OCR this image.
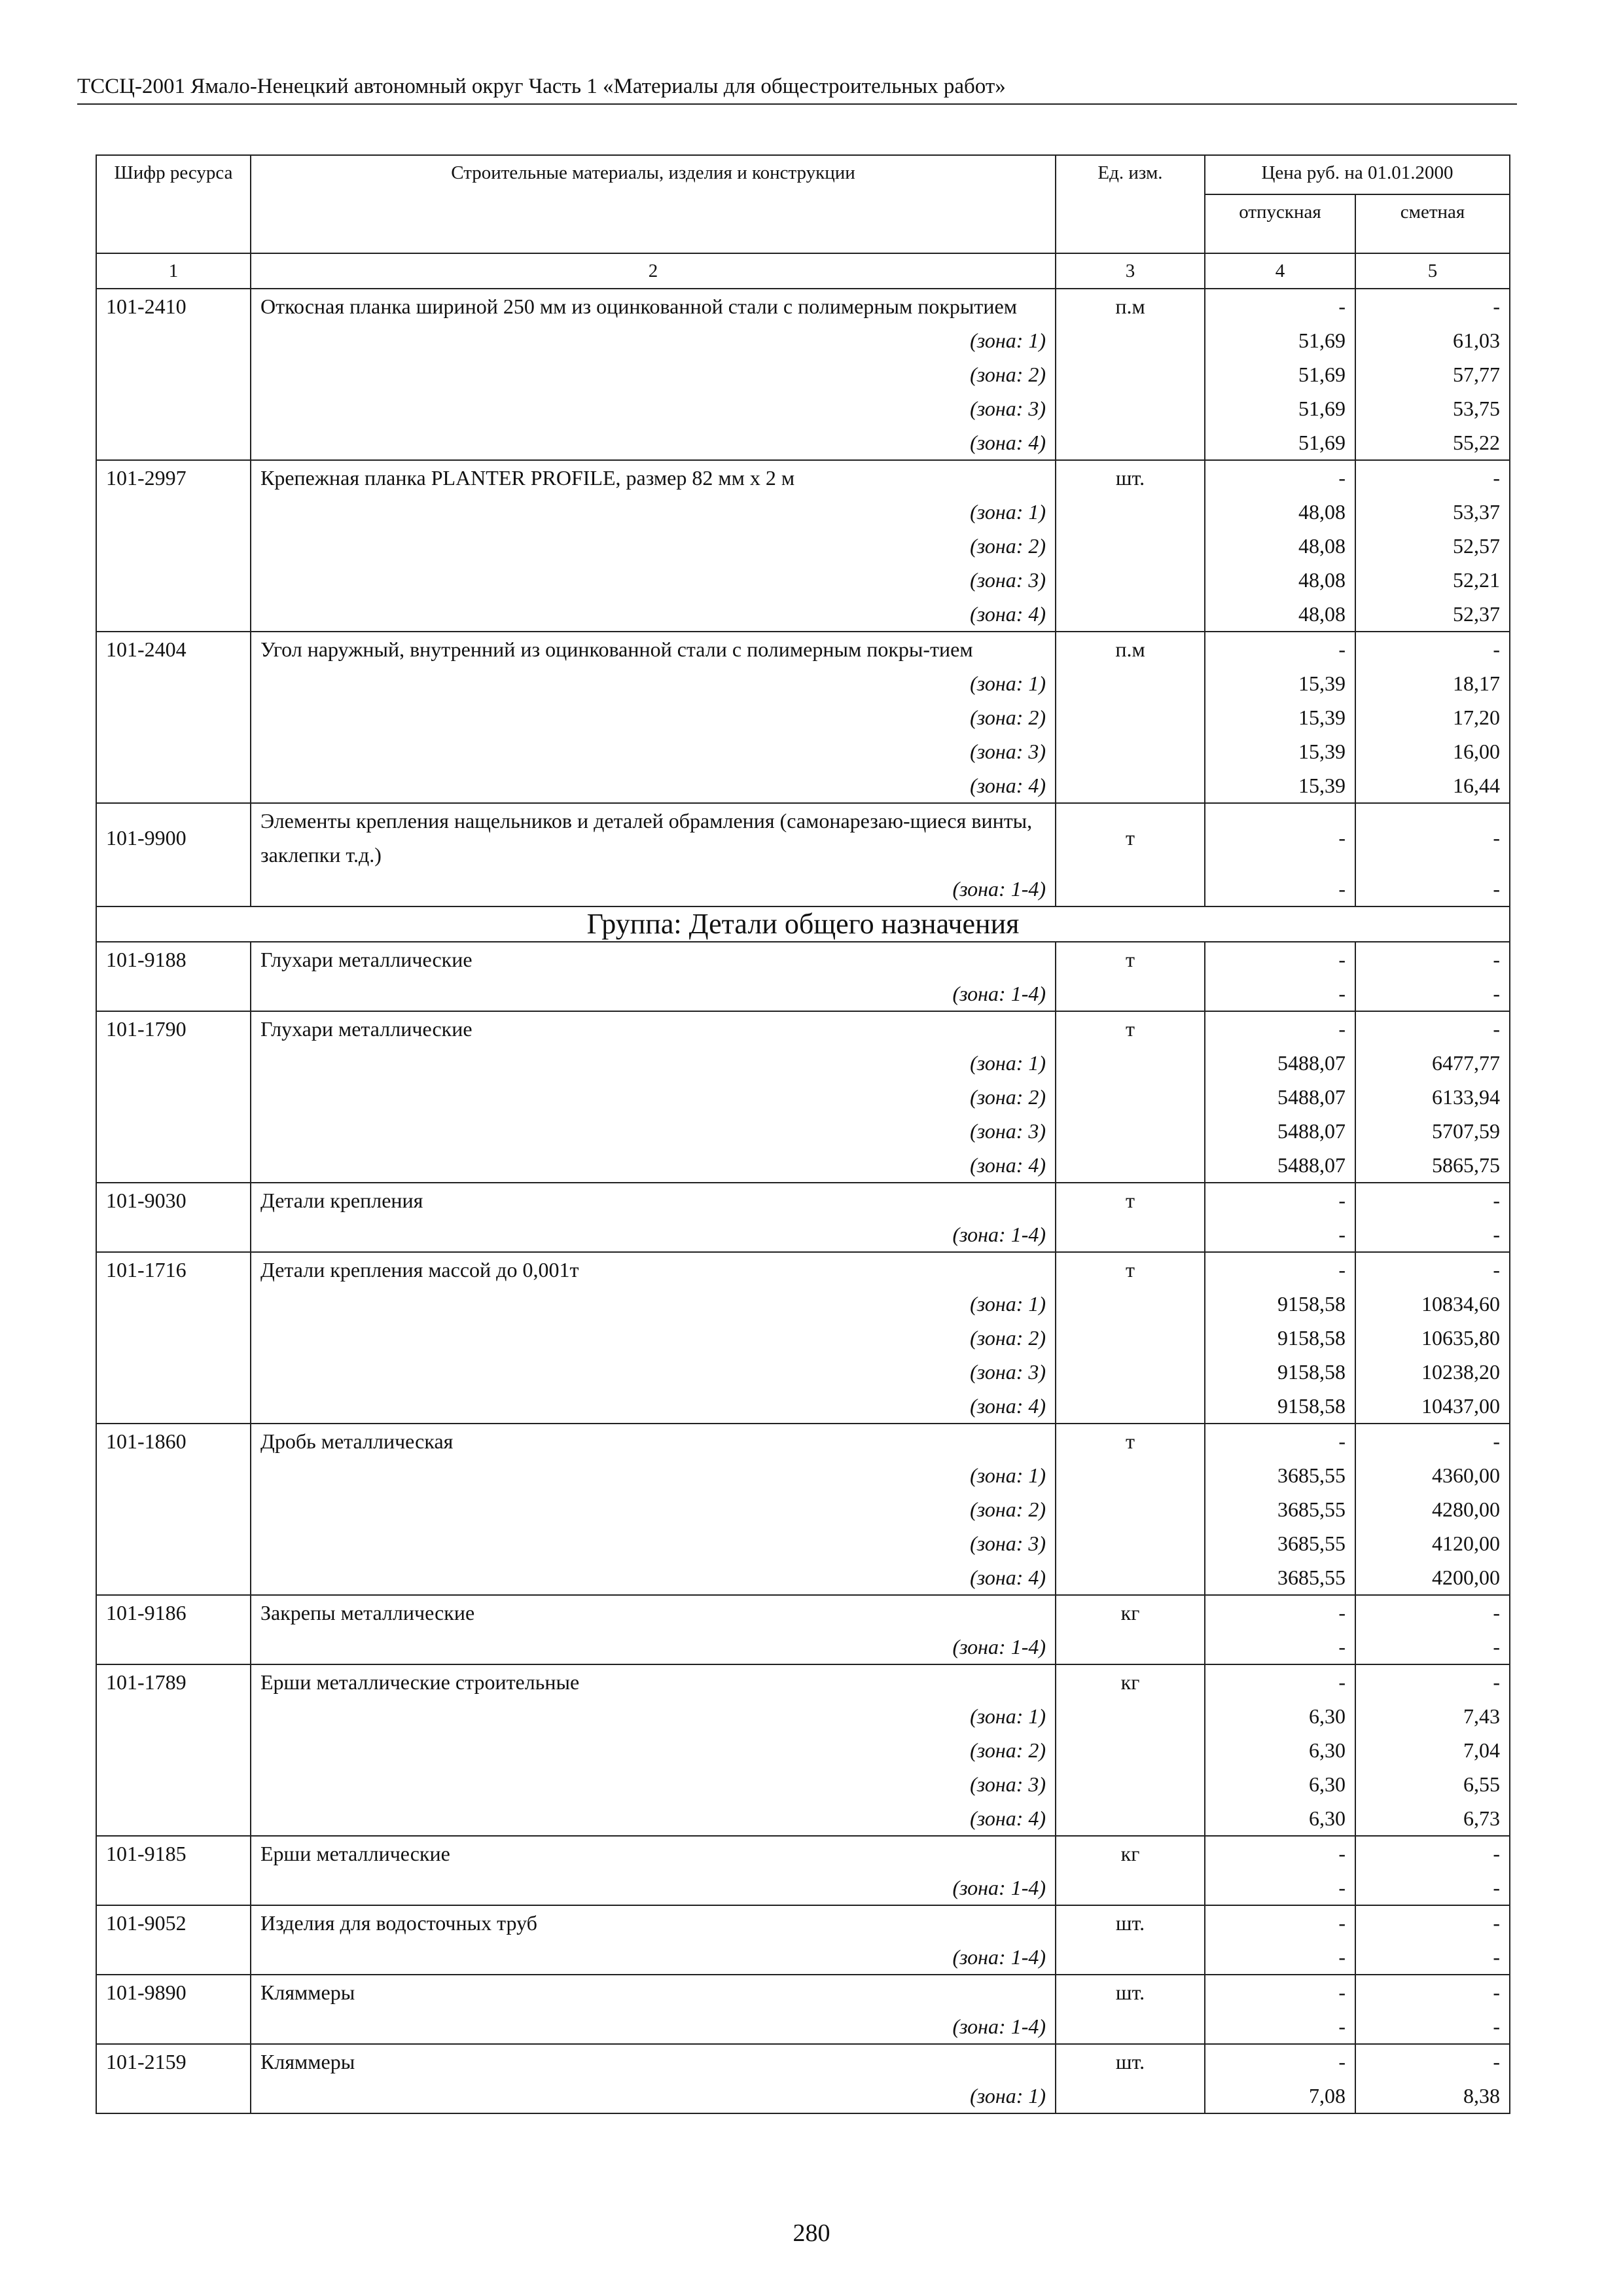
ТССЦ-2001 Ямало-Ненецкий автономный округ Часть 1 «Материалы для общестроительных работ»
Шифр ресурса	Строительные материалы, изделия и конструкции	Ед. изм.	Цена руб. на 01.01.2000	
			отпускная	сметная
1	2	3	4	5
101-2410	Откосная планка шириной 250 мм из оцинкованной стали с полимерным покрытием	п.м	-	-
	(зона: 1)		51,69	61,03
	(зона: 2)		51,69	57,77
	(зона: 3)		51,69	53,75
	(зона: 4)		51,69	55,22
101-2997	Крепежная планка PLANTER PROFILE, размер 82 мм х 2 м	шт.	-	-
	(зона: 1)		48,08	53,37
	(зона: 2)		48,08	52,57
	(зона: 3)		48,08	52,21
	(зона: 4)		48,08	52,37
101-2404	Угол наружный, внутренний из оцинкованной стали с полимерным покры-тием	п.м	-	-
	(зона: 1)		15,39	18,17
	(зона: 2)		15,39	17,20
	(зона: 3)		15,39	16,00
	(зона: 4)		15,39	16,44
101-9900	Элементы крепления нащельников и деталей обрамления (самонарезаю-щиеся винты, заклепки т.д.)	т	-	-
	(зона: 1-4)		-	-
Группа: Детали общего назначения				
101-9188	Глухари металлические	т	-	-
	(зона: 1-4)		-	-
101-1790	Глухари металлические	т	-	-
	(зона: 1)		5488,07	6477,77
	(зона: 2)		5488,07	6133,94
	(зона: 3)		5488,07	5707,59
	(зона: 4)		5488,07	5865,75
101-9030	Детали крепления	т	-	-
	(зона: 1-4)		-	-
101-1716	Детали крепления массой до 0,001т	т	-	-
	(зона: 1)		9158,58	10834,60
	(зона: 2)		9158,58	10635,80
	(зона: 3)		9158,58	10238,20
	(зона: 4)		9158,58	10437,00
101-1860	Дробь металлическая	т	-	-
	(зона: 1)		3685,55	4360,00
	(зона: 2)		3685,55	4280,00
	(зона: 3)		3685,55	4120,00
	(зона: 4)		3685,55	4200,00
101-9186	Закрепы металлические	кг	-	-
	(зона: 1-4)		-	-
101-1789	Ерши металлические строительные	кг	-	-
	(зона: 1)		6,30	7,43
	(зона: 2)		6,30	7,04
	(зона: 3)		6,30	6,55
	(зона: 4)		6,30	6,73
101-9185	Ерши металлические	кг	-	-
	(зона: 1-4)		-	-
101-9052	Изделия для водосточных труб	шт.	-	-
	(зона: 1-4)		-	-
101-9890	Кляммеры	шт.	-	-
	(зона: 1-4)		-	-
101-2159	Кляммеры	шт.	-	-
	(зона: 1)		7,08	8,38
280
